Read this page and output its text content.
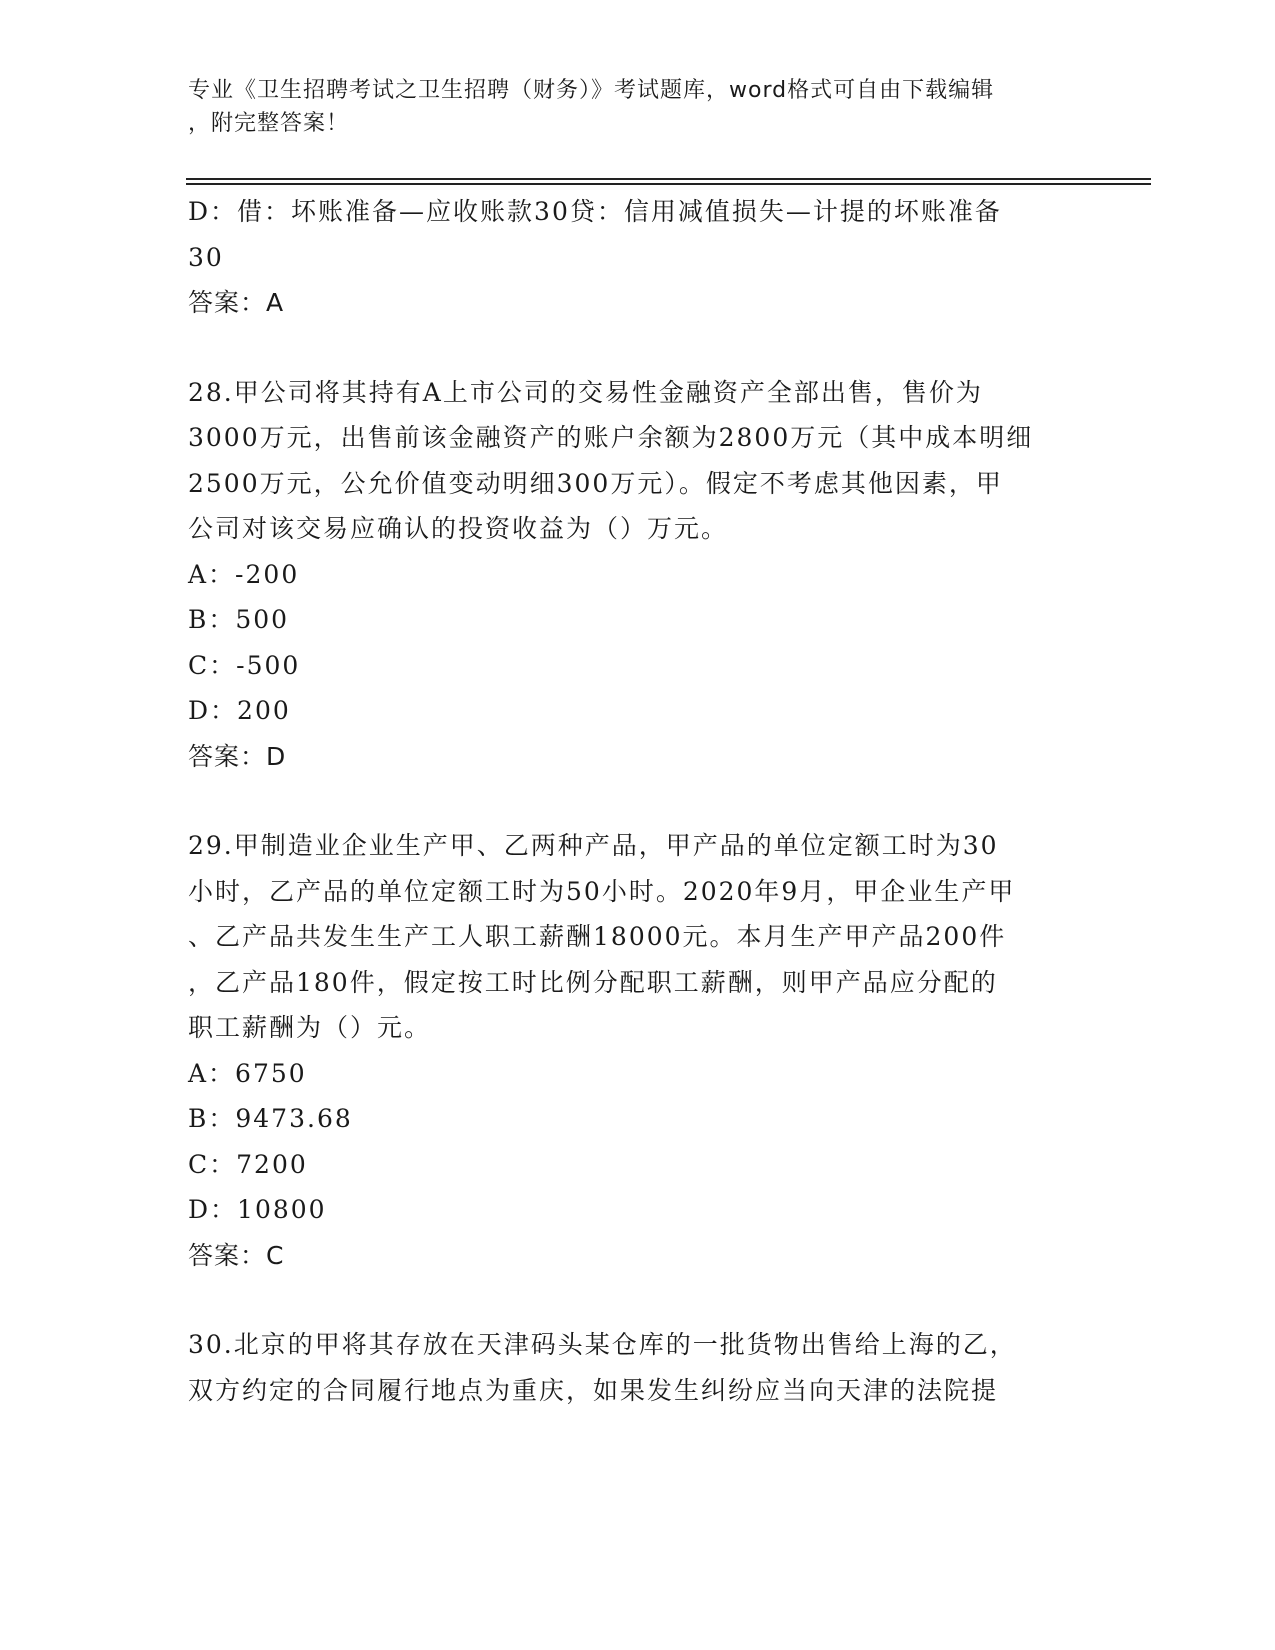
专业《卫生招聘考试之卫生招聘（财务）》考试题库，word格式可自由下载编辑
，附完整答案！
D：借：坏账准备—应收账款30贷：信用减值损失—计提的坏账准备
30
答案：A
28.甲公司将其持有A上市公司的交易性金融资产全部出售，售价为
3000万元，出售前该金融资产的账户余额为2800万元（其中成本明细
2500万元，公允价值变动明细300万元）。假定不考虑其他因素，甲
公司对该交易应确认的投资收益为（）万元。
A：-200
B：500
C：-500
D：200
答案：D
29.甲制造业企业生产甲、乙两种产品，甲产品的单位定额工时为30
小时，乙产品的单位定额工时为50小时。2020年9月，甲企业生产甲
、乙产品共发生生产工人职工薪酬18000元。本月生产甲产品200件
，乙产品180件，假定按工时比例分配职工薪酬，则甲产品应分配的
职工薪酬为（）元。
A：6750
B：9473.68
C：7200
D：10800
答案：C
30.北京的甲将其存放在天津码头某仓库的一批货物出售给上海的乙，
双方约定的合同履行地点为重庆，如果发生纠纷应当向天津的法院提
